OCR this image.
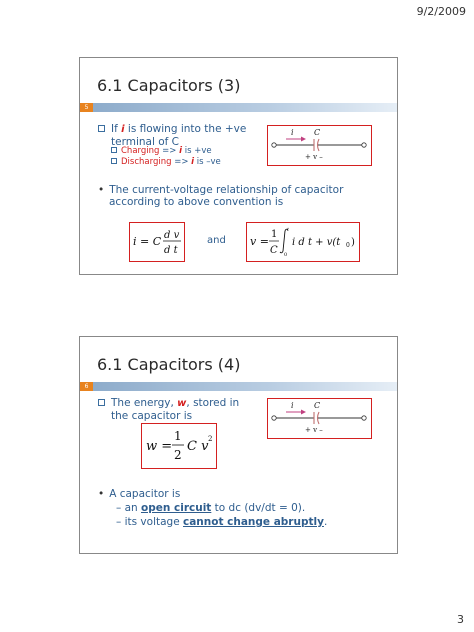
9/2/2009
6.1 Capacitors (3)
5
If i is flowing into the +ve
terminal of C
Charging => i is +ve
Discharging => i is –ve
i	C
+ v –
• The current-voltage relationship of capacitor
according to above convention is
i = C d v
d t
and v =
1
C
t
0
i d t + v(t 0 )
6.1 Capacitors (4)
6
The energy, w, stored in
the capacitor is
i	C
+ v –
w =
1
2
C v 2
• A capacitor is
– an open circuit to dc (dv/dt = 0).
– its voltage cannot change abruptly.
3
